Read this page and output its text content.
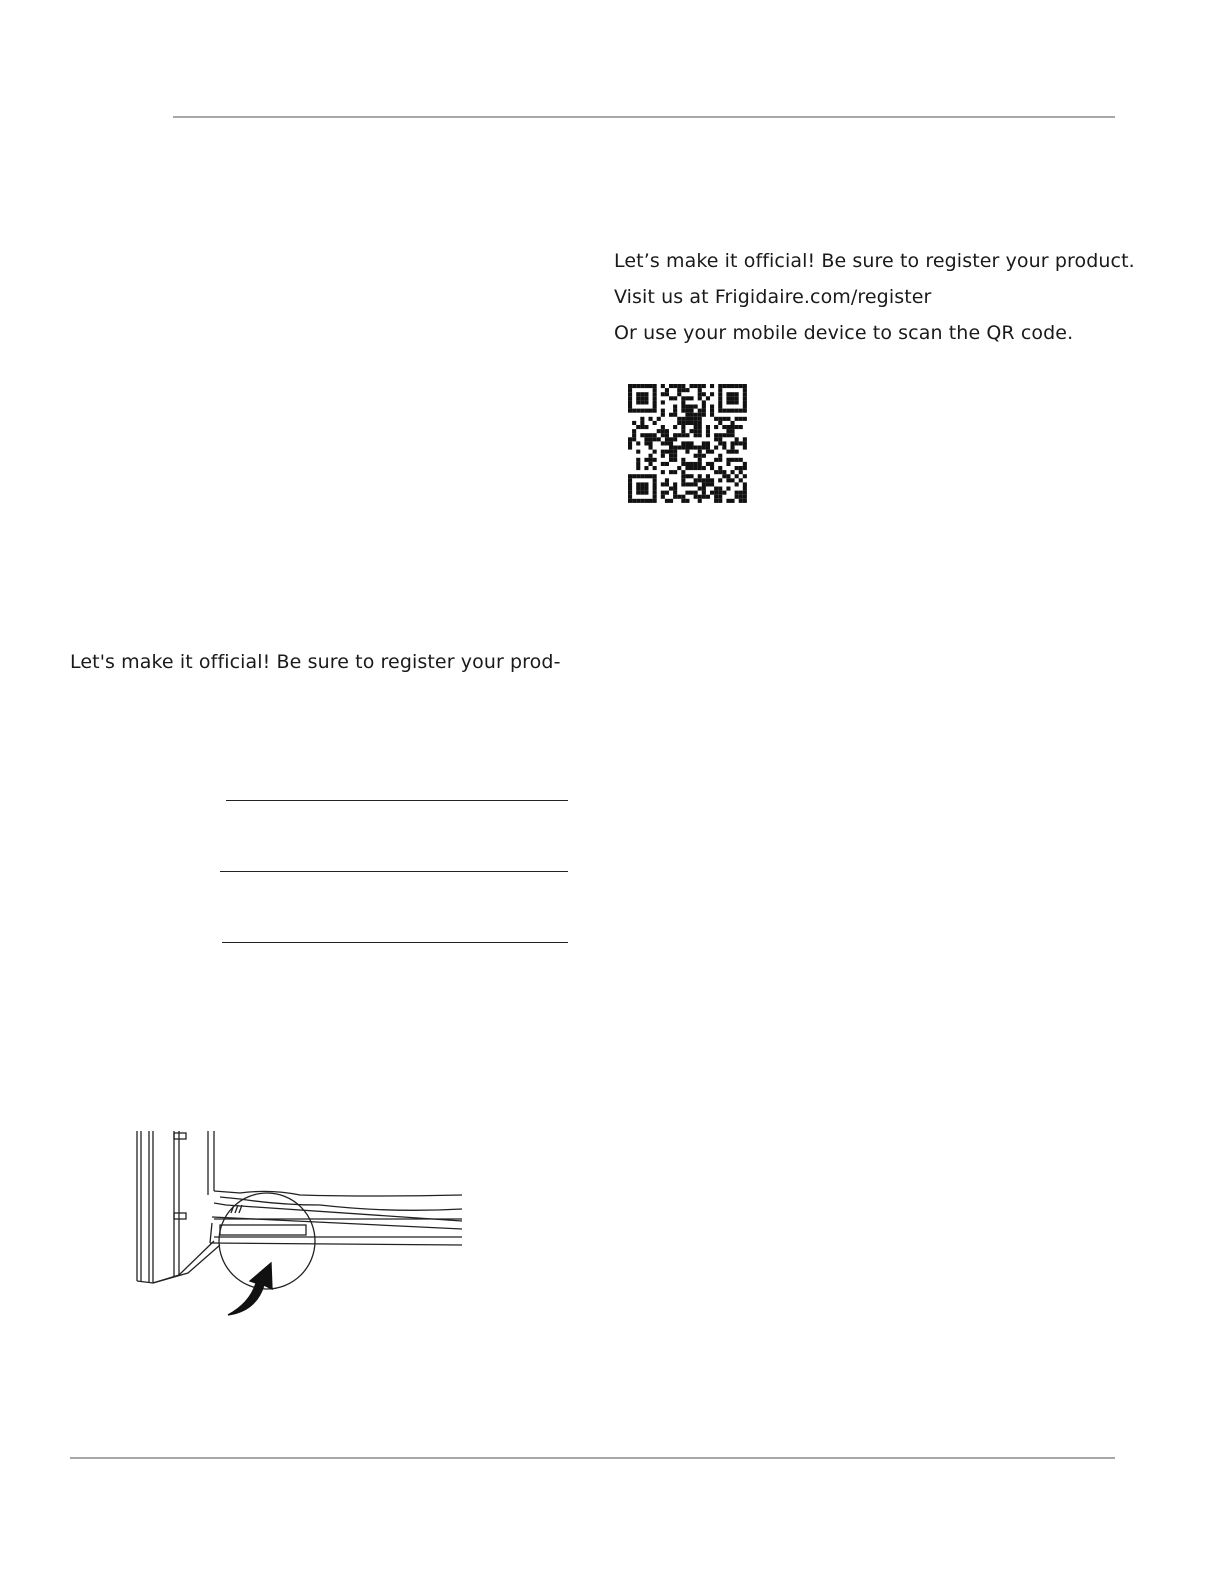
Let’s make it official! Be sure to register your product.

Visit us at Frigidaire.com/register

Or use your mobile device to scan the QR code.

Let's make it official! Be sure to register your prod-
